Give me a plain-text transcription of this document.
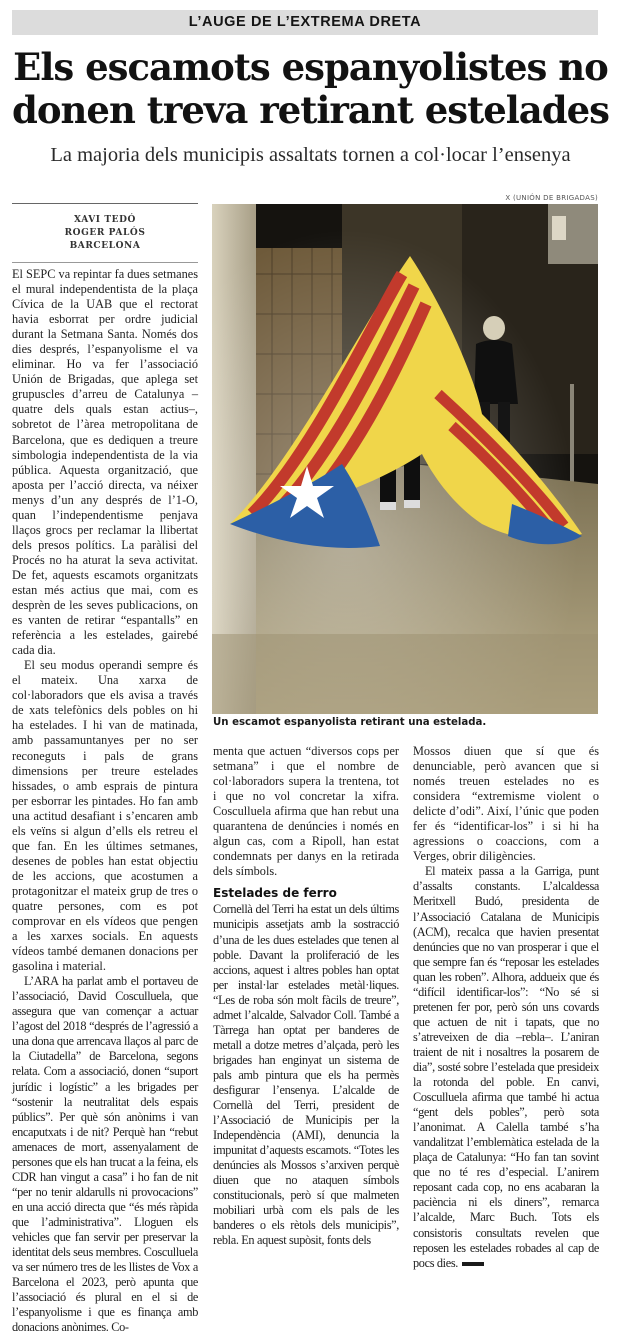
L’AUGE DE L’EXTREMA DRETA
Els escamots espanyolistes no donen treva retirant estelades
La majoria dels municipis assaltats tornen a col·locar l’ensenya
XAVI TEDÓ
ROGER PALÓS
BARCELONA
X (UNIÓN DE BRIGADAS)
Un escamot espanyolista retirant una estelada.

El SEPC va repintar fa dues setmanes el mural independentista de la plaça Cívica de la UAB que el rectorat havia esborrat per ordre judicial durant la Setmana Santa. Només dos dies després, l’espanyolisme el va eliminar. Ho va fer l’associació Unión de Brigadas, que aplega set grupuscles d’arreu de Catalunya –quatre dels quals estan actius–, sobretot de l’àrea metropolitana de Barcelona, que es dediquen a treure simbologia independentista de la via pública. Aquesta organització, que aposta per l’acció directa, va néixer menys d’un any després de l’1-O, quan l’independentisme penjava llaços grocs per reclamar la llibertat dels presos polítics. La paràlisi del Procés no ha aturat la seva activitat. De fet, aquests escamots organitzats estan més actius que mai, com es desprèn de les seves publicacions, on es vanten de retirar “espantalls” en referència a les estelades, gairebé cada dia.

El seu modus operandi sempre és el mateix. Una xarxa de col·laboradors que els avisa a través de xats telefònics dels pobles on hi ha estelades. I hi van de matinada, amb passamuntanyes per no ser reconeguts i pals de grans dimensions per treure estelades hissades, o amb esprais de pintura per esborrar les pintades. Ho fan amb una actitud desafiant i s’encaren amb els veïns si algun d’ells els retreu el que fan. En les últimes setmanes, desenes de pobles han estat objectiu de les accions, que acostumen a protagonitzar el mateix grup de tres o quatre persones, com es pot comprovar en els vídeos que pengen a les xarxes socials. En aquests vídeos també demanen donacions per gasolina i material.

L’ARA ha parlat amb el portaveu de l’associació, David Cosculluela, que assegura que van començar a actuar l’agost del 2018 “després de l’agressió a una dona que arrencava llaços al parc de la Ciutadella” de Barcelona, segons relata. Com a associació, donen “suport jurídic i logístic” a les brigades per “sostenir la neutralitat dels espais públics”. Per què són anònims i van encaputxats i de nit? Perquè han “rebut amenaces de mort, assenyalament de persones que els han trucat a la feina, els CDR han vingut a casa” i ho fan de nit “per no tenir aldarulls ni provocacions” en una acció directa que “és més ràpida que l’administrativa”. Lloguen els vehicles que fan servir per preservar la identitat dels seus membres. Cosculluela va ser número tres de les llistes de Vox a Barcelona el 2023, però apunta que l’associació és plural en el si de l’espanyolisme i que es finança amb donacions anònimes. Co-

menta que actuen “diversos cops per setmana” i que el nombre de col·laboradors supera la trentena, tot i que no vol concretar la xifra. Cosculluela afirma que han rebut una quarantena de denúncies i només en algun cas, com a Ripoll, han estat condemnats per danys en la retirada dels símbols.

Estelades de ferro

Cornellà del Terri ha estat un dels últims municipis assetjats amb la sostracció d’una de les dues estelades que tenen al poble. Davant la proliferació de les accions, aquest i altres pobles han optat per instal·lar estelades metàl·liques. “Les de roba són molt fàcils de treure”, admet l’alcalde, Salvador Coll. També a Tàrrega han optat per banderes de metall a dotze metres d’alçada, però les brigades han enginyat un sistema de pals amb pintura que els ha permès desfigurar l’ensenya. L’alcalde de Cornellà del Terri, president de l’Associació de Municipis per la Independència (AMI), denuncia la impunitat d’aquests escamots. “Totes les denúncies als Mossos s’arxiven perquè diuen que no ataquen símbols constitucionals, però sí que malmeten mobiliari urbà com els pals de les banderes o els rètols dels municipis”, rebla. En aquest supòsit, fonts dels

Mossos diuen que sí que és denunciable, però avancen que si només treuen estelades no es considera “extremisme violent o delicte d’odi”. Així, l’únic que poden fer és “identificar-los” i si hi ha agressions o coaccions, com a Verges, obrir diligències.

El mateix passa a la Garriga, punt d’assalts constants. L’alcaldessa Meritxell Budó, presidenta de l’Associació Catalana de Municipis (ACM), recalca que havien presentat denúncies que no van prosperar i que el que sempre fan és “reposar les estelades quan les roben”. Alhora, addueix que és “difícil identificar-los”: “No sé si pretenen fer por, però són uns covards que actuen de nit i tapats, que no s’atreveixen de dia –rebla–. L’aniran traient de nit i nosaltres la posarem de dia”, sosté sobre l’estelada que presideix la rotonda del poble. En canvi, Cosculluela afirma que també hi actua “gent dels pobles”, però sota l’anonimat. A Calella també s’ha vandalitzat l’emblemàtica estelada de la plaça de Catalunya: “Ho fan tan sovint que no té res d’especial. L’anirem reposant cada cop, no ens acabaran la paciència ni els diners”, remarca l’alcalde, Marc Buch. Tots els consistoris consultats revelen que reposen les estelades robades al cap de pocs dies.
